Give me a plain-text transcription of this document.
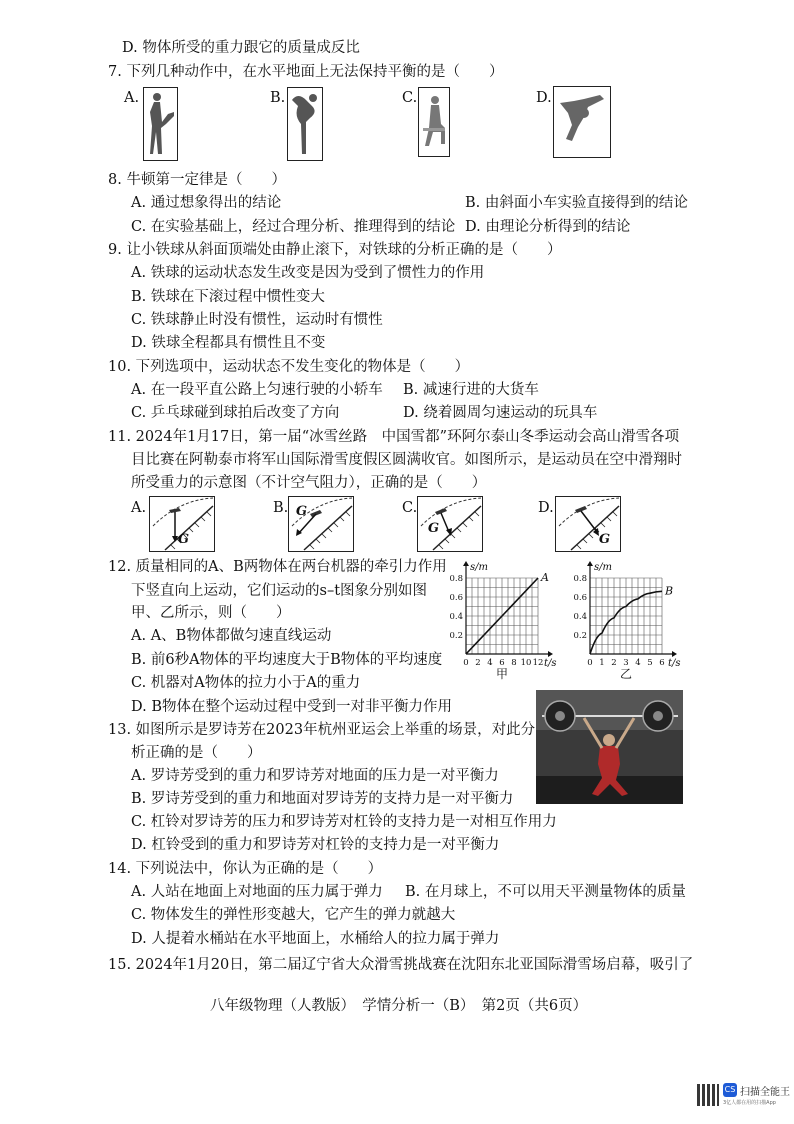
D. 物体所受的重力跟它的质量成反比
7. 下列几种动作中，在水平地面上无法保持平衡的是（　　）
A.	B.	C.	D.
8. 牛顿第一定律是（　　）
A. 通过想象得出的结论	B. 由斜面小车实验直接得到的结论
C. 在实验基础上，经过合理分析、推理得到的结论 D. 由理论分析得到的结论
9. 让小铁球从斜面顶端处由静止滚下，对铁球的分析正确的是（　　）
A. 铁球的运动状态发生改变是因为受到了惯性力的作用
B. 铁球在下滚过程中惯性变大
C. 铁球静止时没有惯性，运动时有惯性
D. 铁球全程都具有惯性且不变
10. 下列选项中，运动状态不发生变化的物体是（　　）
A. 在一段平直公路上匀速行驶的小轿车 B. 减速行进的大货车
C. 乒乓球碰到球拍后改变了方向	D. 绕着圆周匀速运动的玩具车
11. 2024年1月17日，第一届“冰雪丝路　中国雪都”环阿尔泰山冬季运动会高山滑雪各项
目比赛在阿勒泰市将军山国际滑雪度假区圆满收官。如图所示，是运动员在空中滑翔时
所受重力的示意图（不计空气阻力），正确的是（　　）
A.	B.	C.	D.
G
G
G
G
12. 质量相同的A、B两物体在两台机器的牵引力作用
下竖直向上运动，它们运动的s–t图象分别如图
甲、乙所示，则（　　）
A. A、B物体都做匀速直线运动
B. 前6秒A物体的平均速度大于B物体的平均速度
C. 机器对A物体的拉力小于A的重力
D. B物体在整个运动过程中受到一对非平衡力作用
0 2 4 6 8 10 12
0.2
0.4
0.6
0.8
s/m
t/s
A
甲
0 1 2 3 4 5 6
0.2
0.4
0.6
0.8
s/m
t/s
B
乙
13. 如图所示是罗诗芳在2023年杭州亚运会上举重的场景，对此分
析正确的是（　　）
A. 罗诗芳受到的重力和罗诗芳对地面的压力是一对平衡力
B. 罗诗芳受到的重力和地面对罗诗芳的支持力是一对平衡力
C. 杠铃对罗诗芳的压力和罗诗芳对杠铃的支持力是一对相互作用力
D. 杠铃受到的重力和罗诗芳对杠铃的支持力是一对平衡力
14. 下列说法中，你认为正确的是（　　）
A. 人站在地面上对地面的压力属于弹力 B. 在月球上，不可以用天平测量物体的质量
C. 物体发生的弹性形变越大，它产生的弹力就越大
D. 人提着水桶站在水平地面上，水桶给人的拉力属于弹力
15. 2024年1月20日，第二届辽宁省大众滑雪挑战赛在沈阳东北亚国际滑雪场启幕，吸引了
八年级物理（人教版）　学情分析一（B）　第2页（共6页）
CS 扫描全能王
3亿人都在用的扫描App
